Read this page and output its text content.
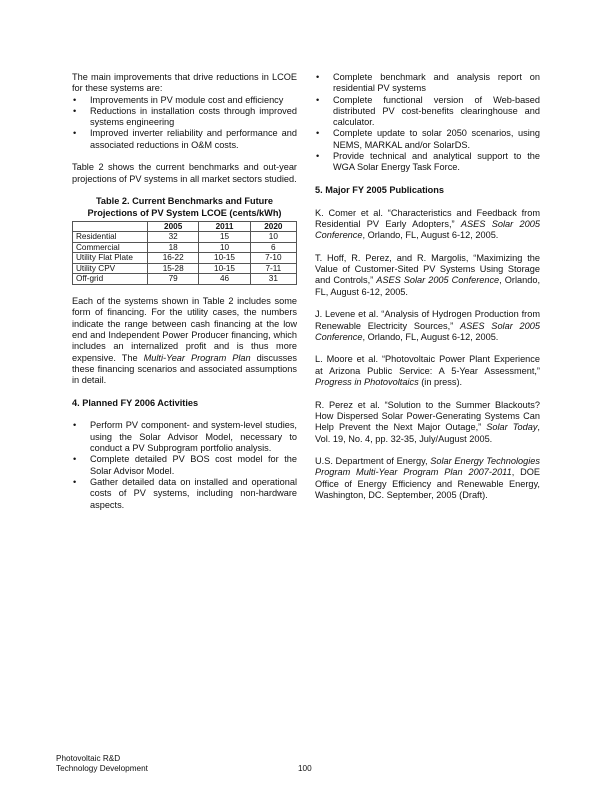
The main improvements that drive reductions in LCOE for these systems are:

• Improvements in PV module cost and efficiency
• Reductions in installation costs through improved systems engineering
• Improved inverter reliability and performance and associated reductions in O&M costs.

Table 2 shows the current benchmarks and out-year projections of PV systems in all market sectors studied.

Table 2. Current Benchmarks and Future
Projections of PV System LCOE (cents/kWh)
	2005	2011	2020
Residential	32	15	10
Commercial	18	10	6
Utility Flat Plate	16-22	10-15	7-10
Utility CPV	15-28	10-15	7-11
Off-grid	79	46	31

Each of the systems shown in Table 2 includes some form of financing. For the utility cases, the numbers indicate the range between cash financing at the low end and Independent Power Producer financing, which includes an internalized profit and is thus more expensive. The Multi-Year Program Plan discusses these financing scenarios and associated assumptions in detail.

4. Planned FY 2006 Activities
• Perform PV component- and system-level studies, using the Solar Advisor Model, necessary to conduct a PV Subprogram portfolio analysis.
• Complete detailed PV BOS cost model for the Solar Advisor Model.
• Gather detailed data on installed and operational costs of PV systems, including non-hardware aspects.
• Complete benchmark and analysis report on residential PV systems
• Complete functional version of Web-based distributed PV cost-benefits clearinghouse and calculator.
• Complete update to solar 2050 scenarios, using NEMS, MARKAL and/or SolarDS.
• Provide technical and analytical support to the WGA Solar Energy Task Force.
5. Major FY 2005 Publications

K. Comer et al. “Characteristics and Feedback from Residential PV Early Adopters,” ASES Solar 2005 Conference, Orlando, FL, August 6-12, 2005.

T. Hoff, R. Perez, and R. Margolis, “Maximizing the Value of Customer-Sited PV Systems Using Storage and Controls,” ASES Solar 2005 Conference, Orlando, FL, August 6-12, 2005.

J. Levene et al. “Analysis of Hydrogen Production from Renewable Electricity Sources,” ASES Solar 2005 Conference, Orlando, FL, August 6-12, 2005.

L. Moore et al. “Photovoltaic Power Plant Experience at Arizona Public Service: A 5-Year Assessment,” Progress in Photovoltaics (in press).

R. Perez et al. “Solution to the Summer Blackouts? How Dispersed Solar Power-Generating Systems Can Help Prevent the Next Major Outage,” Solar Today, Vol. 19, No. 4, pp. 32-35, July/August 2005.

U.S. Department of Energy, Solar Energy Technologies Program Multi-Year Program Plan 2007-2011, DOE Office of Energy Efficiency and Renewable Energy, Washington, DC. September, 2005 (Draft).

Photovoltaic R&D
Technology Development	100
